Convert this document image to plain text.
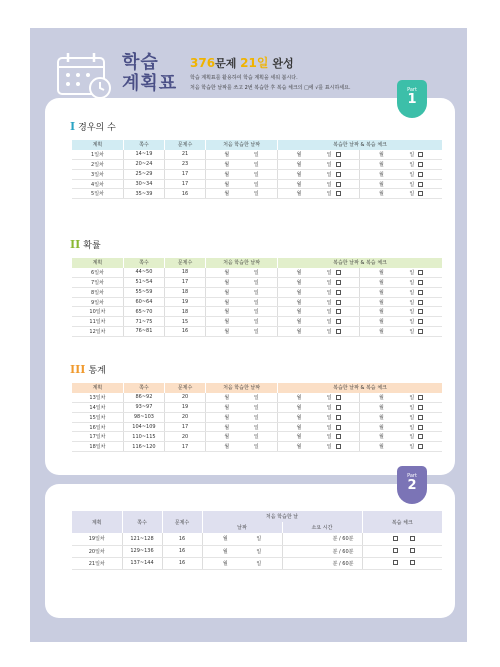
학습
계획표
376문제 21일 완성
학습 계획표를 활용하여 학습 계획을 세워 봅시다.
처음 학습한 날짜를 쓰고 2번 복습한 후 복습 체크의 □에 √를 표시하세요.	Part
1
I 경우의 수
계획	쪽수	문제수	처음 학습한 날짜	복습한 날짜 & 복습 체크	
1일차	14~19	21	월 일	월 일	월 일

2일차	20~24	23	월 일	월 일	월 일

3일차	25~29	17	월 일	월 일	월 일

4일차	30~34	17	월 일	월 일	월 일

5일차	35~39	16	월 일	월 일	월 일
II 확률
계획	쪽수	문제수	처음 학습한 날짜	복습한 날짜 & 복습 체크	
6일차	44~50	18	월 일	월 일	월 일

7일차	51~54	17	월 일	월 일	월 일

8일차	55~59	18	월 일	월 일	월 일

9일차	60~64	19	월 일	월 일	월 일

10일차	65~70	18	월 일	월 일	월 일

11일차	71~75	15	월 일	월 일	월 일

12일차	76~81	16	월 일	월 일	월 일
III 통계
계획	쪽수	문제수	처음 학습한 날짜	복습한 날짜 & 복습 체크	
13일차	86~92	20	월 일	월 일	월 일

14일차	93~97	19	월 일	월 일	월 일

15일차	98~103	20	월 일	월 일	월 일

16일차	104~109	17	월 일	월 일	월 일

17일차	110~115	20	월 일	월 일	월 일

18일차	116~120	17	월 일	월 일	월 일
Part
2
계획	쪽수	문제수	처음 학습한 날		복습 체크
			날짜	소요 시간	
19일차	121~128	16	월 일	분 / 60분	
20일차	129~136	16	월 일	분 / 60분	
21일차	137~144	16	월 일	분 / 60분	
